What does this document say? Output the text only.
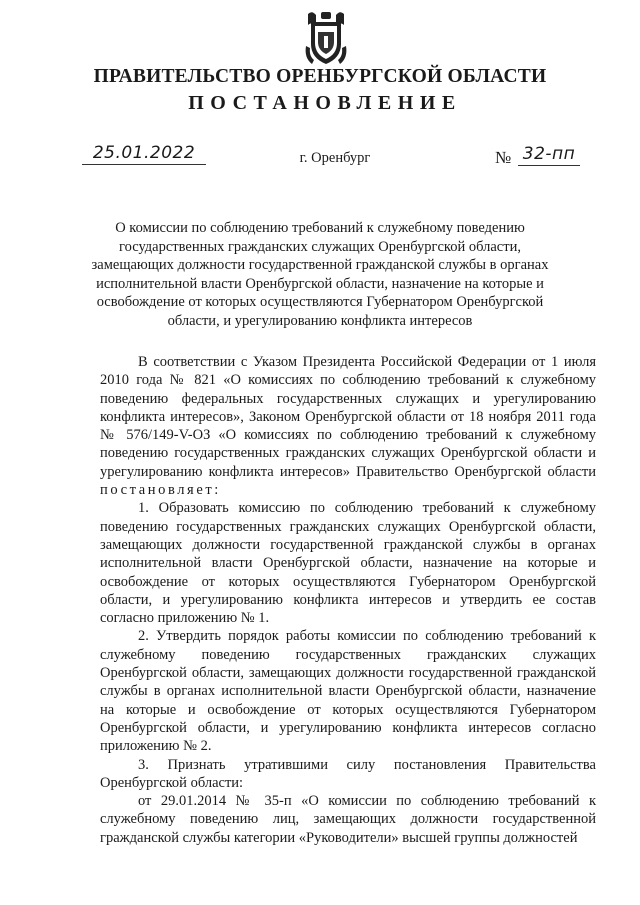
ПРАВИТЕЛЬСТВО ОРЕНБУРГСКОЙ ОБЛАСТИ
ПОСТАНОВЛЕНИЕ
25.01.2022	г. Оренбург	№ 32-пп
О комиссии по соблюдению требований к служебному поведению государственных гражданских служащих Оренбургской области, замещающих должности государственной гражданской службы в органах исполнительной власти Оренбургской области, назначение на которые и освобождение от которых осуществляются Губернатором Оренбургской области, и урегулированию конфликта интересов

В соответствии с Указом Президента Российской Федерации от 1 июля 2010 года № 821 «О комиссиях по соблюдению требований к служебному поведению федеральных государственных служащих и урегулированию конфликта интересов», Законом Оренбургской области от 18 ноября 2011 года № 576/149-V-ОЗ «О комиссиях по соблюдению требований к служебному поведению государственных гражданских служащих Оренбургской области и урегулированию конфликта интересов» Правительство Оренбургской области постановляет:

1. Образовать комиссию по соблюдению требований к служебному поведению государственных гражданских служащих Оренбургской области, замещающих должности государственной гражданской службы в органах исполнительной власти Оренбургской области, назначение на которые и освобождение от которых осуществляются Губернатором Оренбургской области, и урегулированию конфликта интересов и утвердить ее состав согласно приложению № 1.

2. Утвердить порядок работы комиссии по соблюдению требований к служебному поведению государственных гражданских служащих Оренбургской области, замещающих должности государственной гражданской службы в органах исполнительной власти Оренбургской области, назначение на которые и освобождение от которых осуществляются Губернатором Оренбургской области, и урегулированию конфликта интересов согласно приложению № 2.

3. Признать утратившими силу постановления Правительства Оренбургской области:

от 29.01.2014 № 35-п «О комиссии по соблюдению требований к служебному поведению лиц, замещающих должности государственной гражданской службы категории «Руководители» высшей группы должностей
